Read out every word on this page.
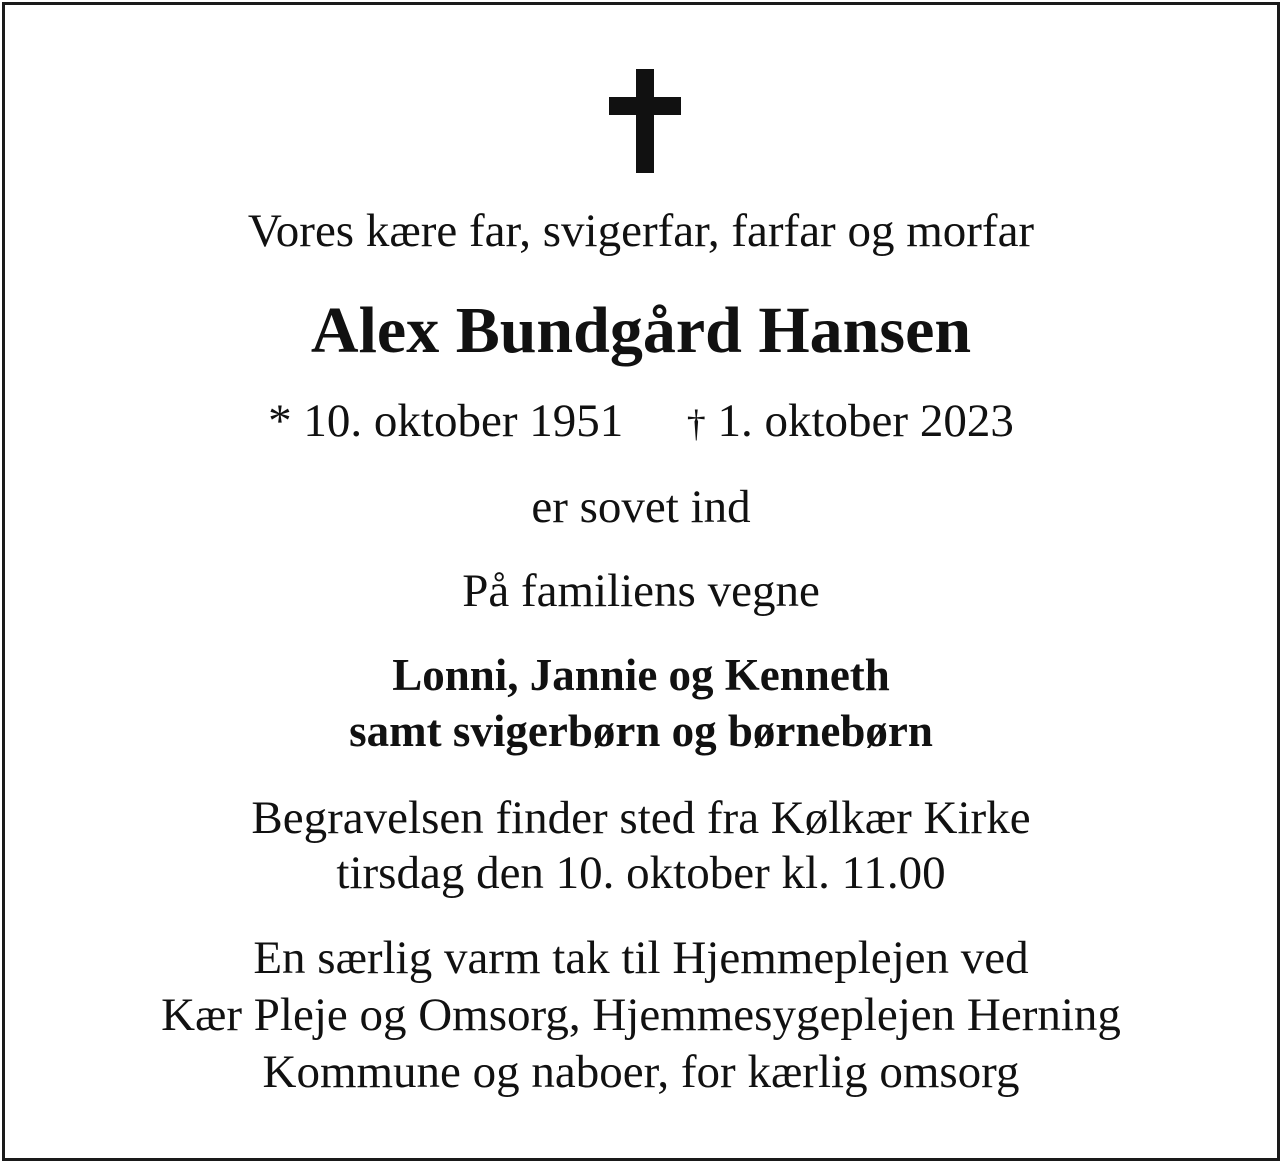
Vores kære far, svigerfar, farfar og morfar
Alex Bundgård Hansen
* 10. oktober 1951 † 1. oktober 2023
er sovet ind
På familiens vegne
Lonni, Jannie og Kenneth
samt svigerbørn og børnebørn
Begravelsen finder sted fra Kølkær Kirke
tirsdag den 10. oktober kl. 11.00
En særlig varm tak til Hjemmeplejen ved
Kær Pleje og Omsorg, Hjemmesygeplejen Herning
Kommune og naboer, for kærlig omsorg
